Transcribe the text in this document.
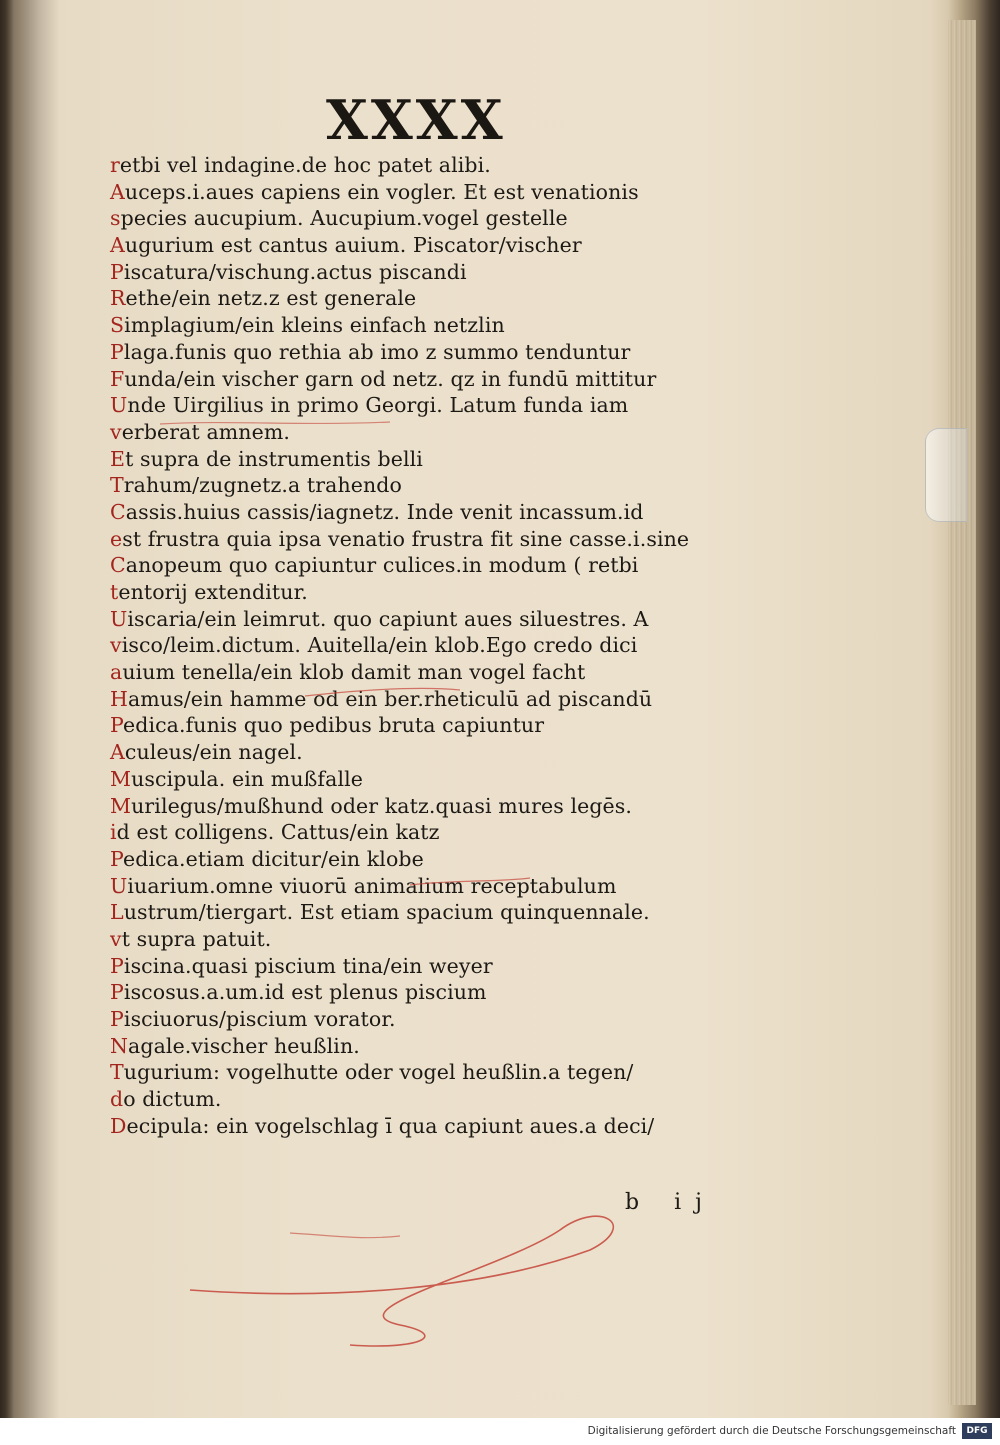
XXXX
retbi vel indagine.de hoc patet alibi.
Auceps.i.aues capiens ein vogler. Et est venationis
species aucupium. Aucupium.vogel gestelle
Augurium est cantus auium. Piscator/vischer
Piscatura/vischung.actus piscandi
Rethe/ein netz.z est generale
Simplagium/ein kleins einfach netzlin
Plaga.funis quo rethia ab imo z summo tenduntur
Funda/ein vischer garn od netz. qz in fundū mittitur
Unde Uirgilius in primo Georgi. Latum funda iam
verberat amnem.
Et supra de instrumentis belli
Trahum/zugnetz.a trahendo
Cassis.huius cassis/iagnetz. Inde venit incassum.id
est frustra quia ipsa venatio frustra fit sine casse.i.sine
Canopeum quo capiuntur culices.in modum ( retbi
tentorij extenditur.
Uiscaria/ein leimrut. quo capiunt aues siluestres. A
visco/leim.dictum. Auitella/ein klob.Ego credo dici
auium tenella/ein klob damit man vogel facht
Hamus/ein hamme od ein ber.rheticulū ad piscandū
Pedica.funis quo pedibus bruta capiuntur
Aculeus/ein nagel.
Muscipula. ein mußfalle
Murilegus/mußhund oder katz.quasi mures legēs.
id est colligens. Cattus/ein katz
Pedica.etiam dicitur/ein klobe
Uiuarium.omne viuorū animalium receptabulum
Lustrum/tiergart. Est etiam spacium quinquennale.
vt supra patuit.
Piscina.quasi piscium tina/ein weyer
Piscosus.a.um.id est plenus piscium
Pisciuorus/piscium vorator.
Nagale.vischer heußlin.
Tugurium: vogelhutte oder vogel heußlin.a tegen/
do dictum.
Decipula: ein vogelschlag ī qua capiunt aues.a deci/
b ij
Digitalisierung gefördert durch die Deutsche Forschungsgemeinschaft	DFG
